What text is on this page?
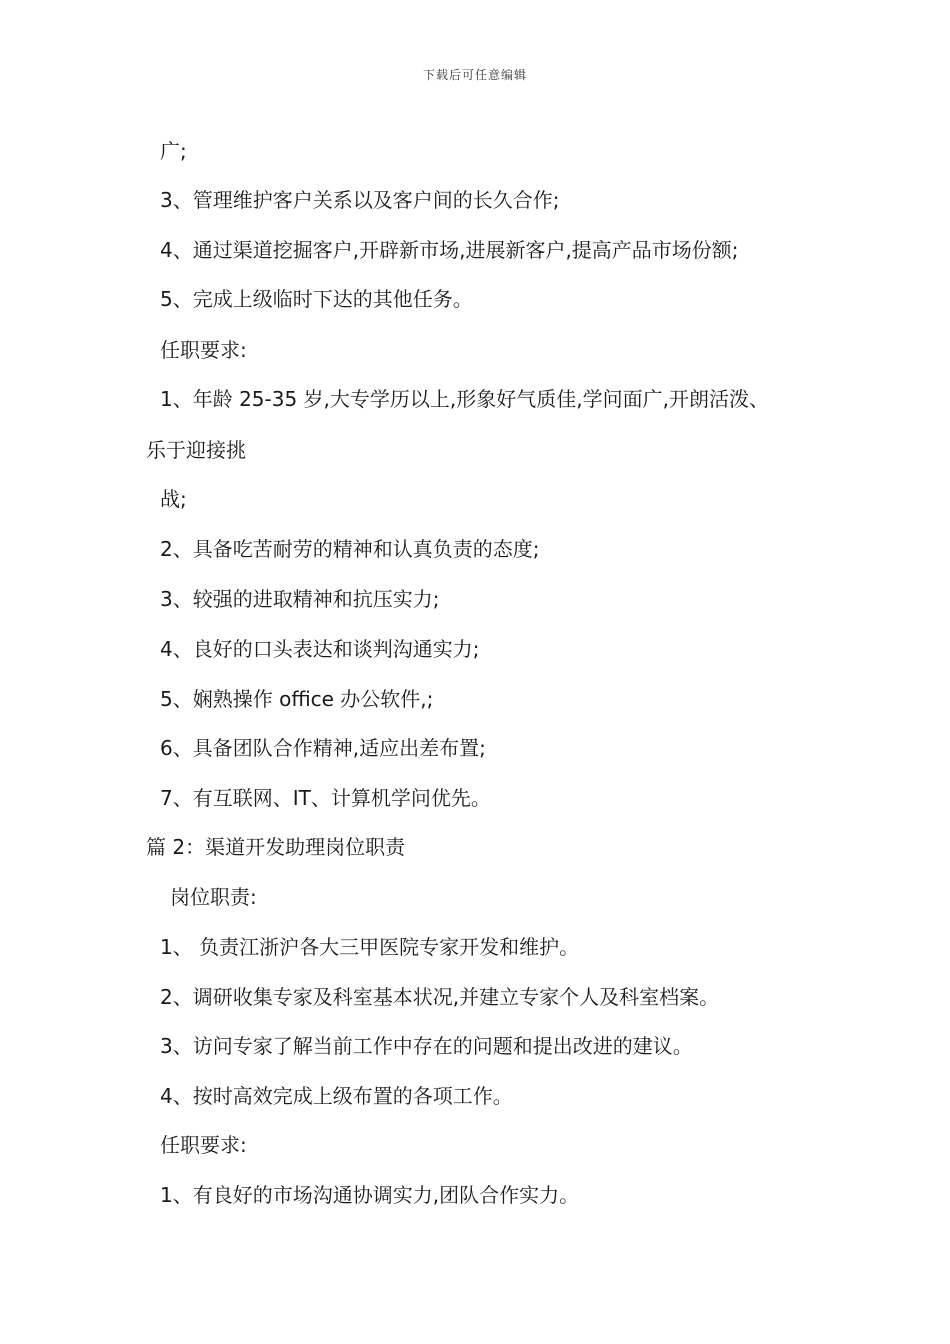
下载后可任意编辑
广;
3、管理维护客户关系以及客户间的长久合作;
4、通过渠道挖掘客户,开辟新市场,进展新客户,提高产品市场份额;
5、完成上级临时下达的其他任务。
任职要求:
1、年龄 25-35 岁,大专学历以上,形象好气质佳,学问面广,开朗活泼、
乐于迎接挑
战;
2、具备吃苦耐劳的精神和认真负责的态度;
3、较强的进取精神和抗压实力;
4、良好的口头表达和谈判沟通实力;
5、娴熟操作 office 办公软件,;
6、具备团队合作精神,适应出差布置;
7、有互联网、IT、计算机学问优先。
篇 2：渠道开发助理岗位职责
岗位职责:
1、 负责江浙沪各大三甲医院专家开发和维护。
2、调研收集专家及科室基本状况,并建立专家个人及科室档案。
3、访问专家了解当前工作中存在的问题和提出改进的建议。
4、按时高效完成上级布置的各项工作。
任职要求:
1、有良好的市场沟通协调实力,团队合作实力。
